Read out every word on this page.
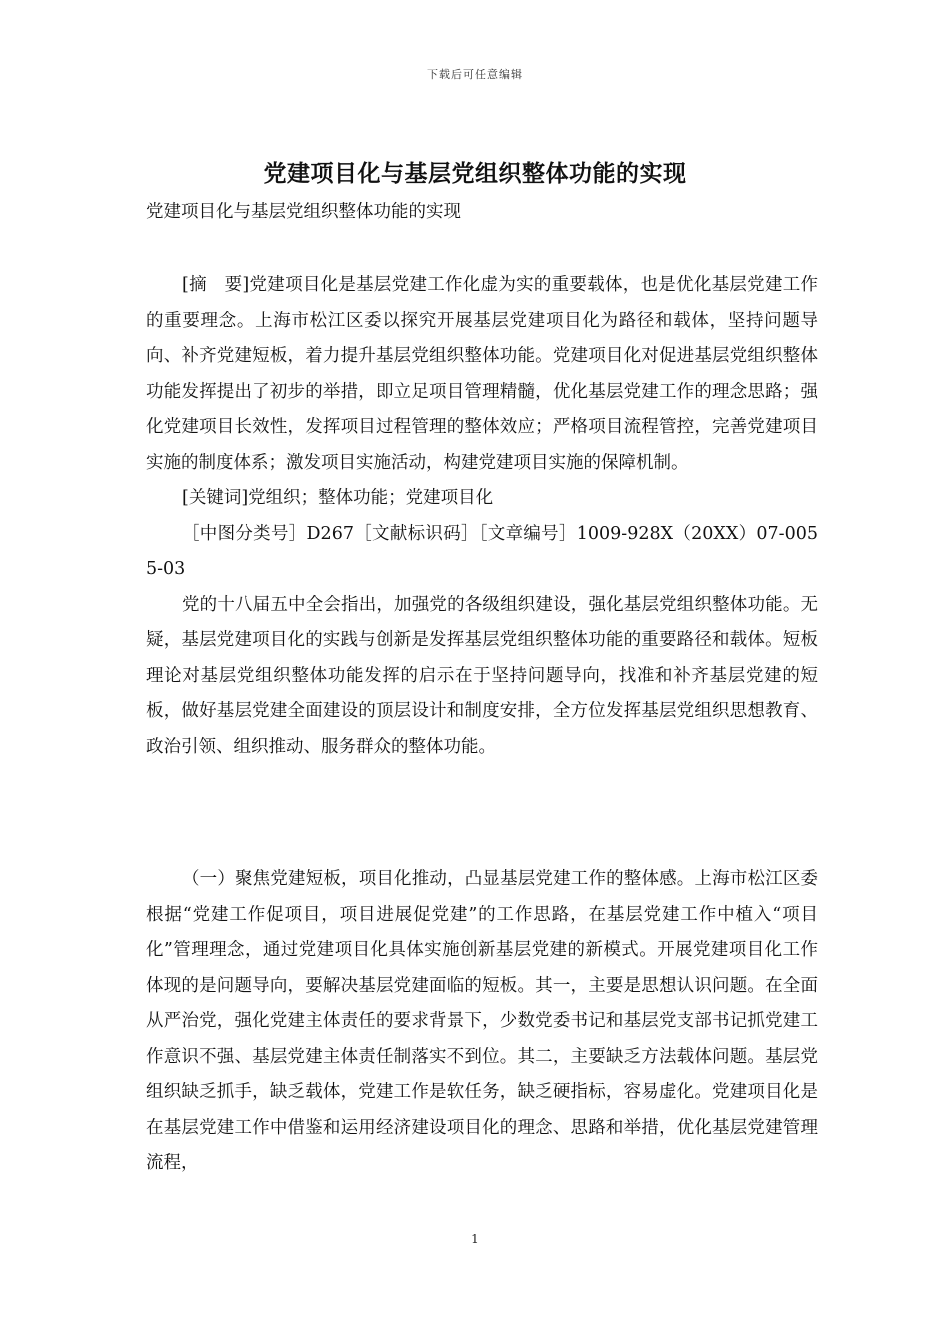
下载后可任意编辑
党建项目化与基层党组织整体功能的实现

党建项目化与基层党组织整体功能的实现

[摘　要]党建项目化是基层党建工作化虚为实的重要载体，也是优化基层党建工作的重要理念。上海市松江区委以探究开展基层党建项目化为路径和载体，坚持问题导向、补齐党建短板，着力提升基层党组织整体功能。党建项目化对促进基层党组织整体功能发挥提出了初步的举措，即立足项目管理精髓，优化基层党建工作的理念思路；强化党建项目长效性，发挥项目过程管理的整体效应；严格项目流程管控，完善党建项目实施的制度体系；激发项目实施活动，构建党建项目实施的保障机制。

[关键词]党组织；整体功能；党建项目化

［中图分类号］D267［文献标识码］［文章编号］1009-928X（20XX）07-0055-03

党的十八届五中全会指出，加强党的各级组织建设，强化基层党组织整体功能。无疑，基层党建项目化的实践与创新是发挥基层党组织整体功能的重要路径和载体。短板理论对基层党组织整体功能发挥的启示在于坚持问题导向，找准和补齐基层党建的短板，做好基层党建全面建设的顶层设计和制度安排，全方位发挥基层党组织思想教育、政治引领、组织推动、服务群众的整体功能。

（一）聚焦党建短板，项目化推动，凸显基层党建工作的整体感。上海市松江区委根据“党建工作促项目，项目进展促党建”的工作思路，在基层党建工作中植入“项目化”管理理念，通过党建项目化具体实施创新基层党建的新模式。开展党建项目化工作体现的是问题导向，要解决基层党建面临的短板。其一，主要是思想认识问题。在全面从严治党，强化党建主体责任的要求背景下，少数党委书记和基层党支部书记抓党建工作意识不强、基层党建主体责任制落实不到位。其二，主要缺乏方法载体问题。基层党组织缺乏抓手，缺乏载体，党建工作是软任务，缺乏硬指标，容易虚化。党建项目化是在基层党建工作中借鉴和运用经济建设项目化的理念、思路和举措，优化基层党建管理流程，

1
